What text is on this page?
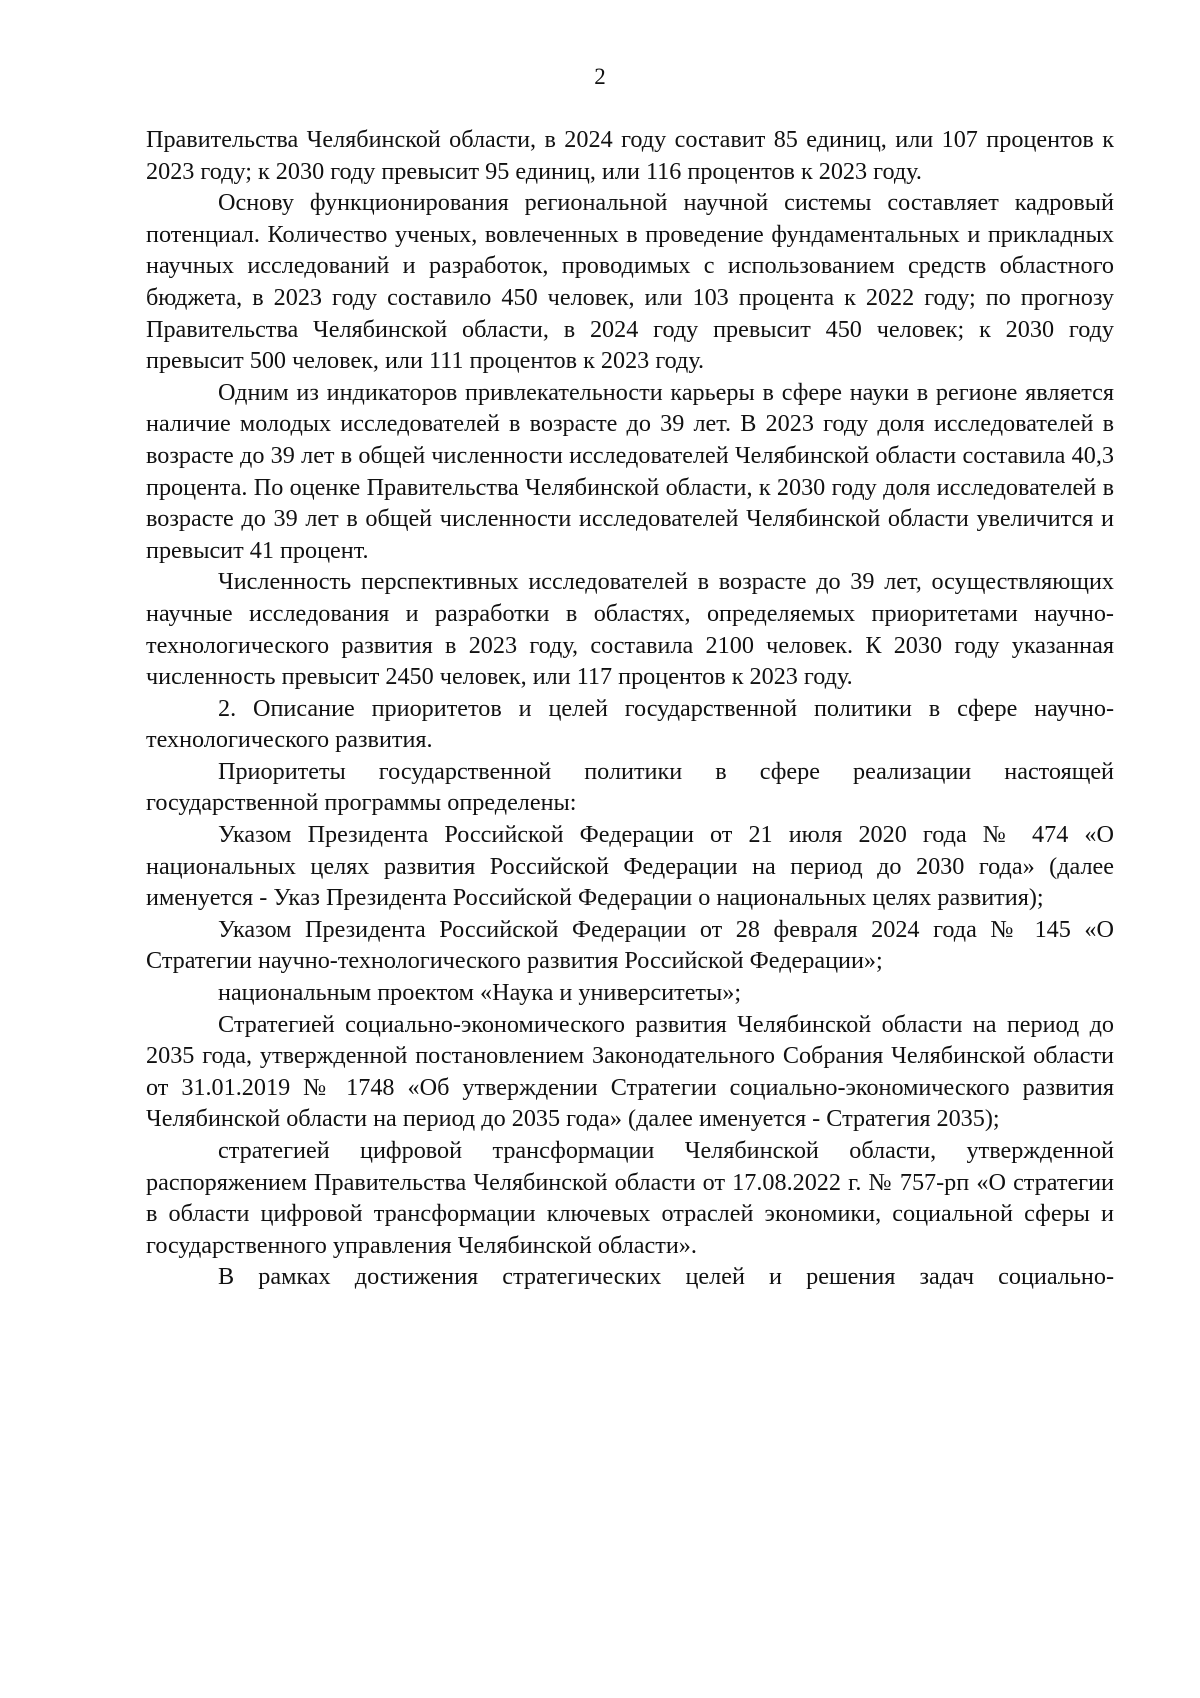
2

Правительства Челябинской области, в 2024 году составит 85 единиц, или 107 процентов к 2023 году; к 2030 году превысит 95 единиц, или 116 процентов к 2023 году.

Основу функционирования региональной научной системы составляет кадровый потенциал. Количество ученых, вовлеченных в проведение фундаментальных и прикладных научных исследований и разработок, проводимых с использованием средств областного бюджета, в 2023 году составило 450 человек, или 103 процента к 2022 году; по прогнозу Правительства Челябинской области, в 2024 году превысит 450 человек; к 2030 году превысит 500 человек, или 111 процентов к 2023 году.

Одним из индикаторов привлекательности карьеры в сфере науки в регионе является наличие молодых исследователей в возрасте до 39 лет. В 2023 году доля исследователей в возрасте до 39 лет в общей численности исследователей Челябинской области составила 40,3 процента. По оценке Правительства Челябинской области, к 2030 году доля исследователей в возрасте до 39 лет в общей численности исследователей Челябинской области увеличится и превысит 41 процент.

Численность перспективных исследователей в возрасте до 39 лет, осуществляющих научные исследования и разработки в областях, определяемых приоритетами научно-технологического развития в 2023 году, составила 2100 человек. К 2030 году указанная численность превысит 2450 человек, или 117 процентов к 2023 году.

2. Описание приоритетов и целей государственной политики в сфере научно-технологического развития.

Приоритеты государственной политики в сфере реализации настоящей государственной программы определены:

Указом Президента Российской Федерации от 21 июля 2020 года № 474 «О национальных целях развития Российской Федерации на период до 2030 года» (далее именуется - Указ Президента Российской Федерации о национальных целях развития);

Указом Президента Российской Федерации от 28 февраля 2024 года № 145 «О Стратегии научно-технологического развития Российской Федерации»;

национальным проектом «Наука и университеты»;

Стратегией социально-экономического развития Челябинской области на период до 2035 года, утвержденной постановлением Законодательного Собрания Челябинской области от 31.01.2019 № 1748 «Об утверждении Стратегии социально-экономического развития Челябинской области на период до 2035 года» (далее именуется - Стратегия 2035);

стратегией цифровой трансформации Челябинской области, утвержденной распоряжением Правительства Челябинской области от 17.08.2022 г. № 757-рп «О стратегии в области цифровой трансформации ключевых отраслей экономики, социальной сферы и государственного управления Челябинской области».

В рамках достижения стратегических целей и решения задач социально-
